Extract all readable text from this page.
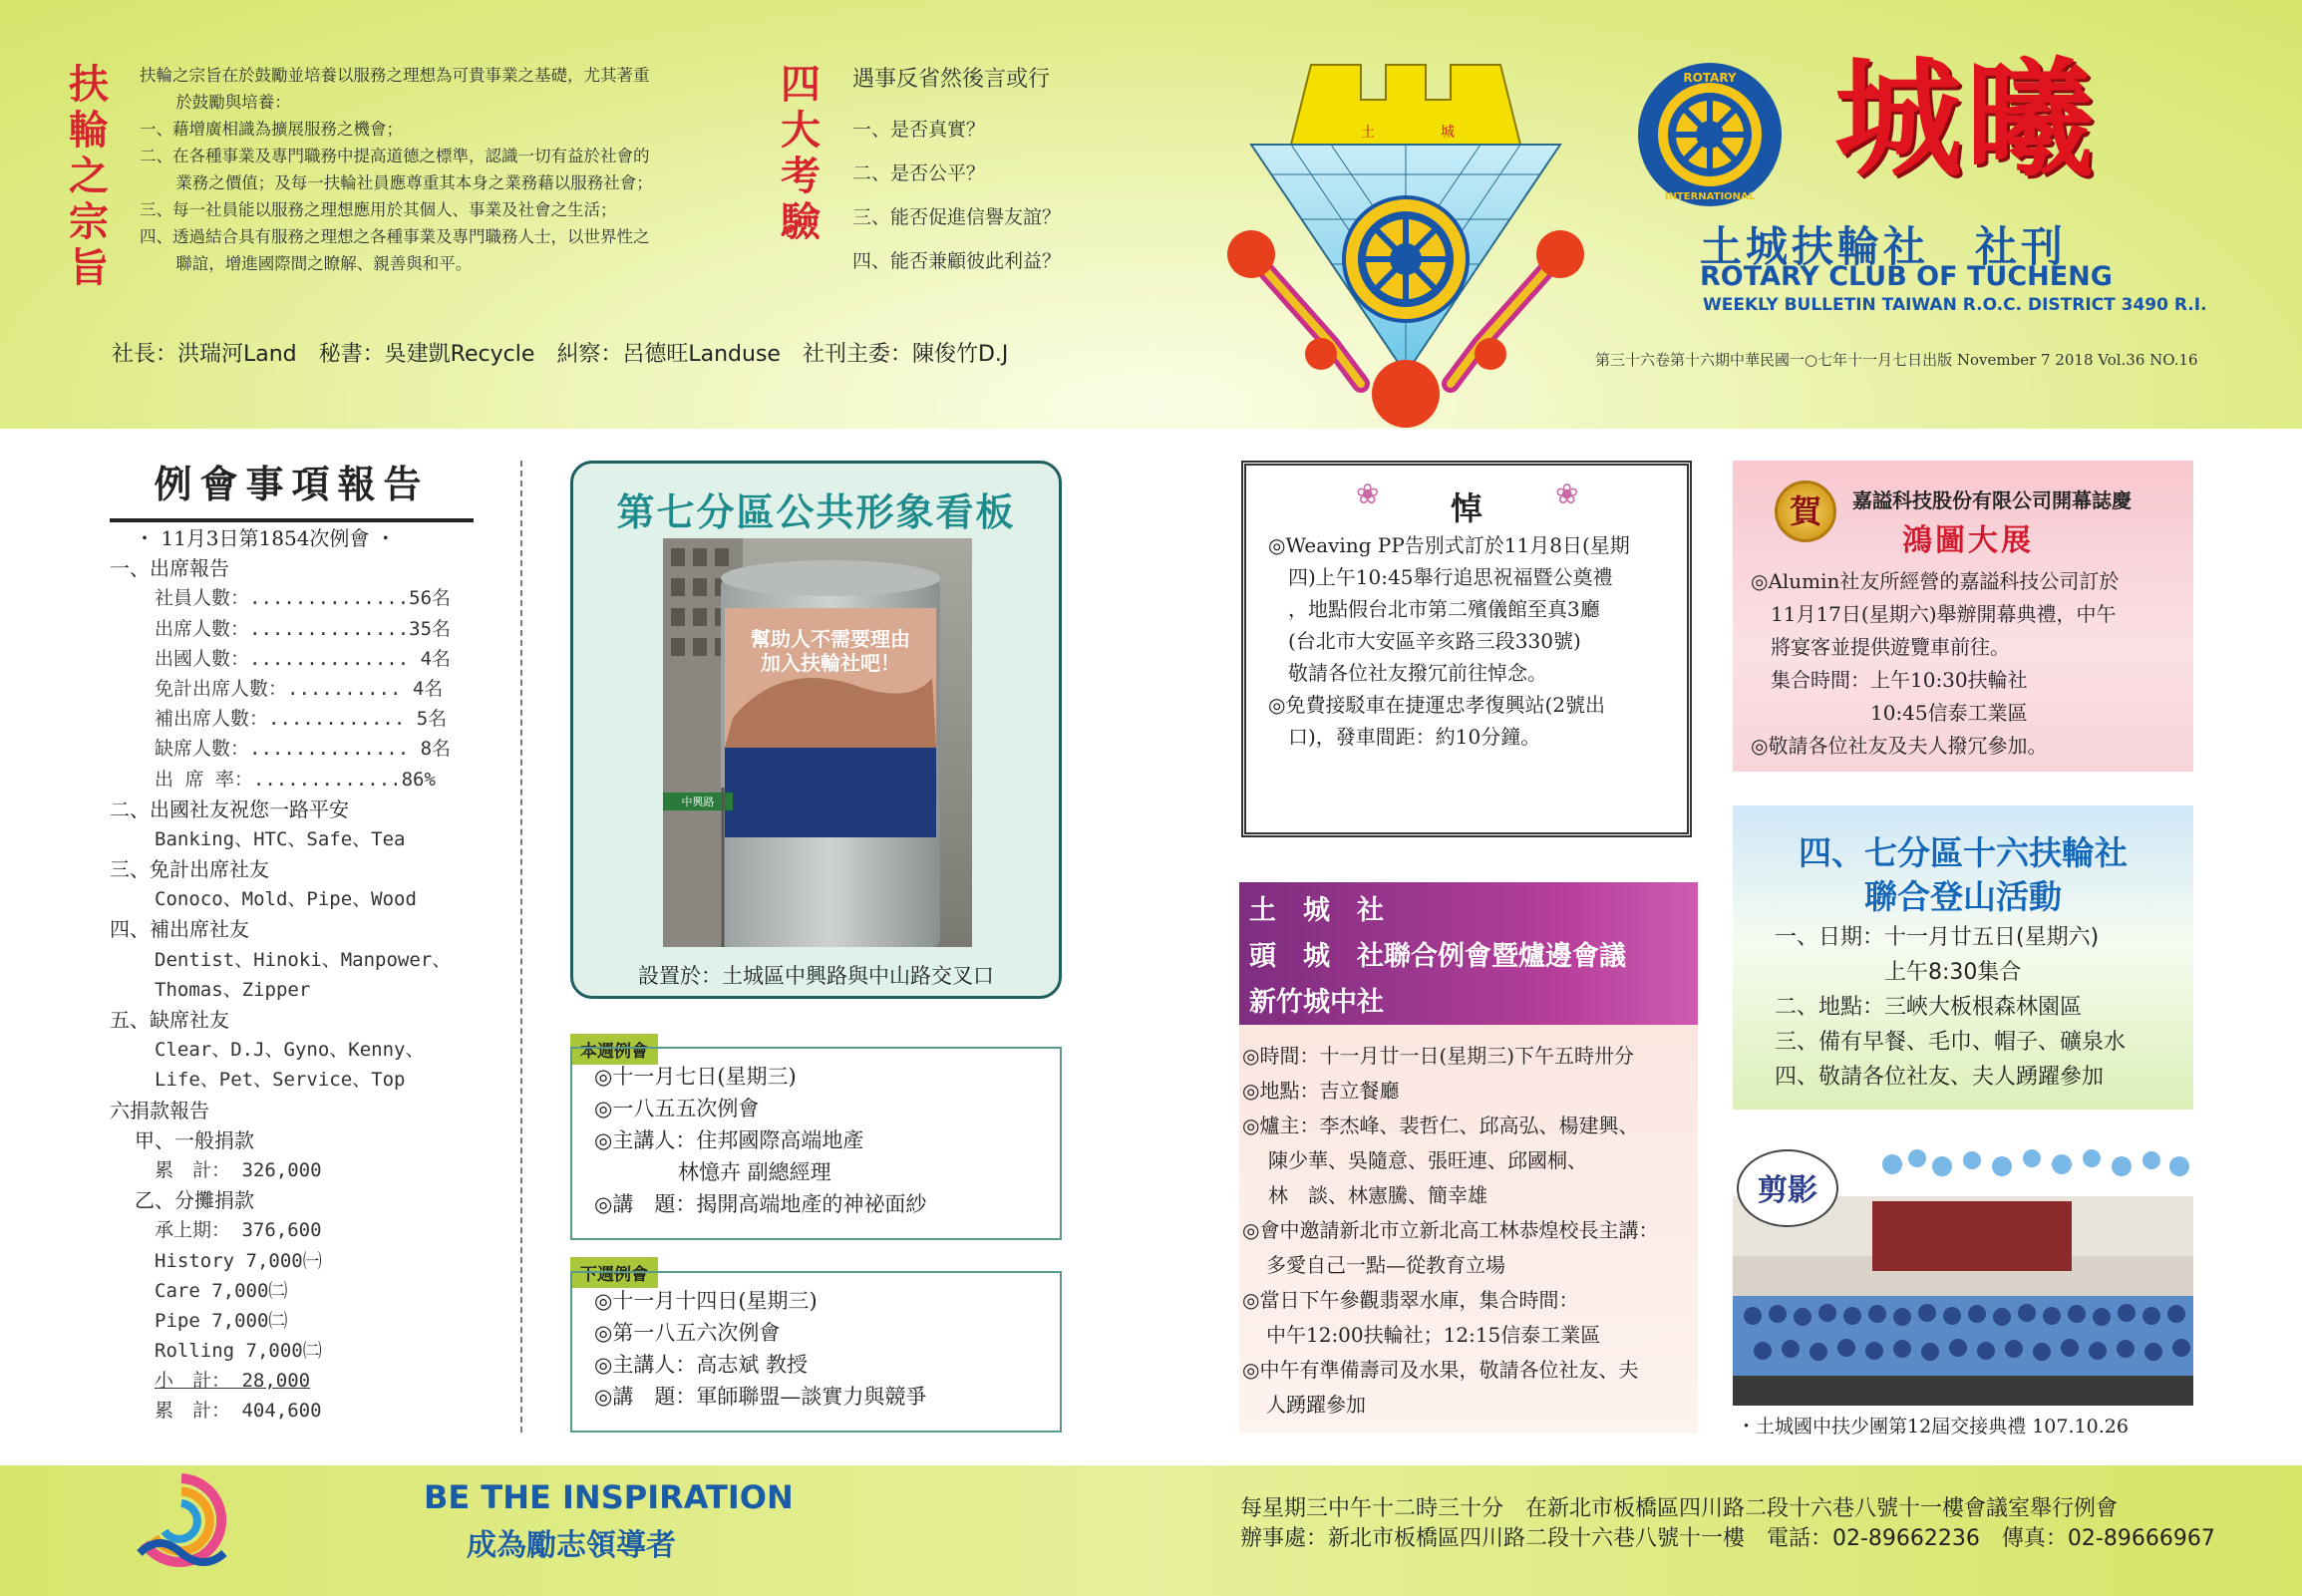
扶
輪
之
宗
旨
扶輪之宗旨在於鼓勵並培養以服務之理想為可貴事業之基礎，尤其著重
於鼓勵與培養：
一、藉增廣相識為擴展服務之機會；
二、在各種事業及專門職務中提高道德之標準，認識一切有益於社會的
業務之價值；及每一扶輪社員應尊重其本身之業務藉以服務社會；
三、每一社員能以服務之理想應用於其個人、事業及社會之生活；
四、透過結合具有服務之理想之各種事業及專門職務人士，以世界性之
聯誼，增進國際間之瞭解、親善與和平。
四
大
考
驗
遇事反省然後言或行
一、是否真實？
二、是否公平？
三、能否促進信譽友誼？
四、能否兼顧彼此利益？
社長：洪瑞河Land 秘書：吳建凱Recycle 糾察：呂德旺Landuse 社刊主委：陳俊竹D.J
土	城
ROTARY
INTERNATIONAL
城曦
土城扶輪社　社刊
ROTARY CLUB OF TUCHENG
WEEKLY BULLETIN TAIWAN R.O.C. DISTRICT 3490 R.I.
第三十六卷第十六期中華民國一○七年十一月七日出版 November 7 2018 Vol.36 NO.16
例會事項報告
・ 11月3日第1854次例會 ・
一、出席報告
社員人數：..............56名
出席人數：..............35名
出國人數：.............. 4名
免計出席人數：.......... 4名
補出席人數：............ 5名
缺席人數：.............. 8名
出 席 率：.............86%
二、出國社友祝您一路平安
Banking、HTC、Safe、Tea
三、免計出席社友
Conoco、Mold、Pipe、Wood
四、補出席社友
Dentist、Hinoki、Manpower、
Thomas、Zipper
五、缺席社友
Clear、D.J、Gyno、Kenny、
Life、Pet、Service、Top
六捐款報告
甲、一般捐款
累　計： 326,000
乙、分攤捐款
承上期： 376,600
History 7,000㈠
Care 7,000㈡
Pipe 7,000㈡
Rolling 7,000㈡
小　計： 28,000
累　計： 404,600
第七分區公共形象看板
幫助人不需要理由
加入扶輪社吧！
中興路
設置於：土城區中興路與中山路交叉口
本週例會
◎十一月七日(星期三)
◎一八五五次例會
◎主講人：住邦國際高端地產
　　　　林憶卉 副總經理
◎講　題：揭開高端地產的神祕面紗
下週例會
◎十一月十四日(星期三)
◎第一八五六次例會
◎主講人：高志斌 教授
◎講　題：軍師聯盟—談實力與競爭
悼
❀	❀
◎Weaving PP告別式訂於11月8日(星期
　四)上午10:45舉行追思祝福暨公奠禮
　，地點假台北市第二殯儀館至真3廳
　(台北市大安區辛亥路三段330號)
　敬請各位社友撥冗前往悼念。
◎免費接駁車在捷運忠孝復興站(2號出
　口)，發車間距：約10分鐘。
土　城　社
頭　城　社聯合例會暨爐邊會議
新竹城中社
◎時間：十一月廿一日(星期三)下午五時卅分
◎地點：吉立餐廳
◎爐主：李杰峰、裴哲仁、邱高弘、楊建興、
陳少華、吳隨意、張旺連、邱國桐、
林　談、林憲騰、簡幸雄
◎會中邀請新北市立新北高工林恭煌校長主講：
多愛自己一點—從教育立場
◎當日下午參觀翡翠水庫，集合時間：
中午12:00扶輪社；12:15信泰工業區
◎中午有準備壽司及水果，敬請各位社友、夫
人踴躍參加
賀	嘉謚科技股份有限公司開幕誌慶
鴻圖大展
◎Alumin社友所經營的嘉謚科技公司訂於
　11月17日(星期六)舉辦開幕典禮，中午
　將宴客並提供遊覽車前往。
　集合時間：上午10:30扶輪社
　　　　　　10:45信泰工業區
◎敬請各位社友及夫人撥冗參加。
四、七分區十六扶輪社
聯合登山活動
一、日期：十一月廿五日(星期六)
　　　　　上午8:30集合
二、地點：三峽大板根森林園區
三、備有早餐、毛巾、帽子、礦泉水
四、敬請各位社友、夫人踴躍參加
剪影
・土城國中扶少團第12屆交接典禮 107.10.26
BE THE INSPIRATION
成為勵志領導者
每星期三中午十二時三十分　在新北市板橋區四川路二段十六巷八號十一樓會議室舉行例會
辦事處：新北市板橋區四川路二段十六巷八號十一樓　電話：02-89662236　傳真：02-89666967
